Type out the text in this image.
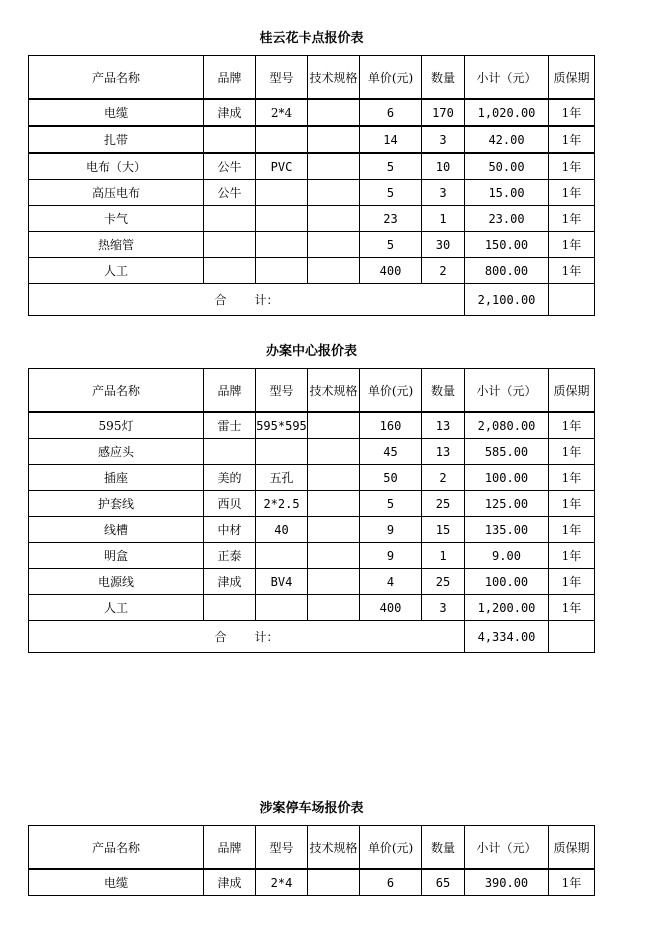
桂云花卡点报价表
产品名称	品牌	型号	技术规格	单价(元)	数量	小计（元）	质保期
电缆	津成	2*4		6	170	1,020.00	1年
扎带				14	3	42.00	1年
电布（大）	公牛	PVC		5	10	50.00	1年
高压电布	公牛			5	3	15.00	1年
卡气				23	1	23.00	1年
热缩管				5	30	150.00	1年
人工				400	2	800.00	1年
合 计：						2,100.00	
办案中心报价表
产品名称	品牌	型号	技术规格	单价(元)	数量	小计（元）	质保期
595灯	雷士	595*595		160	13	2,080.00	1年
感应头				45	13	585.00	1年
插座	美的	五孔		50	2	100.00	1年
护套线	西贝	2*2.5		5	25	125.00	1年
线槽	中材	40		9	15	135.00	1年
明盒	正泰			9	1	9.00	1年
电源线	津成	BV4		4	25	100.00	1年
人工				400	3	1,200.00	1年
合 计：						4,334.00	
涉案停车场报价表
产品名称	品牌	型号	技术规格	单价(元)	数量	小计（元）	质保期
电缆	津成	2*4		6	65	390.00	1年
